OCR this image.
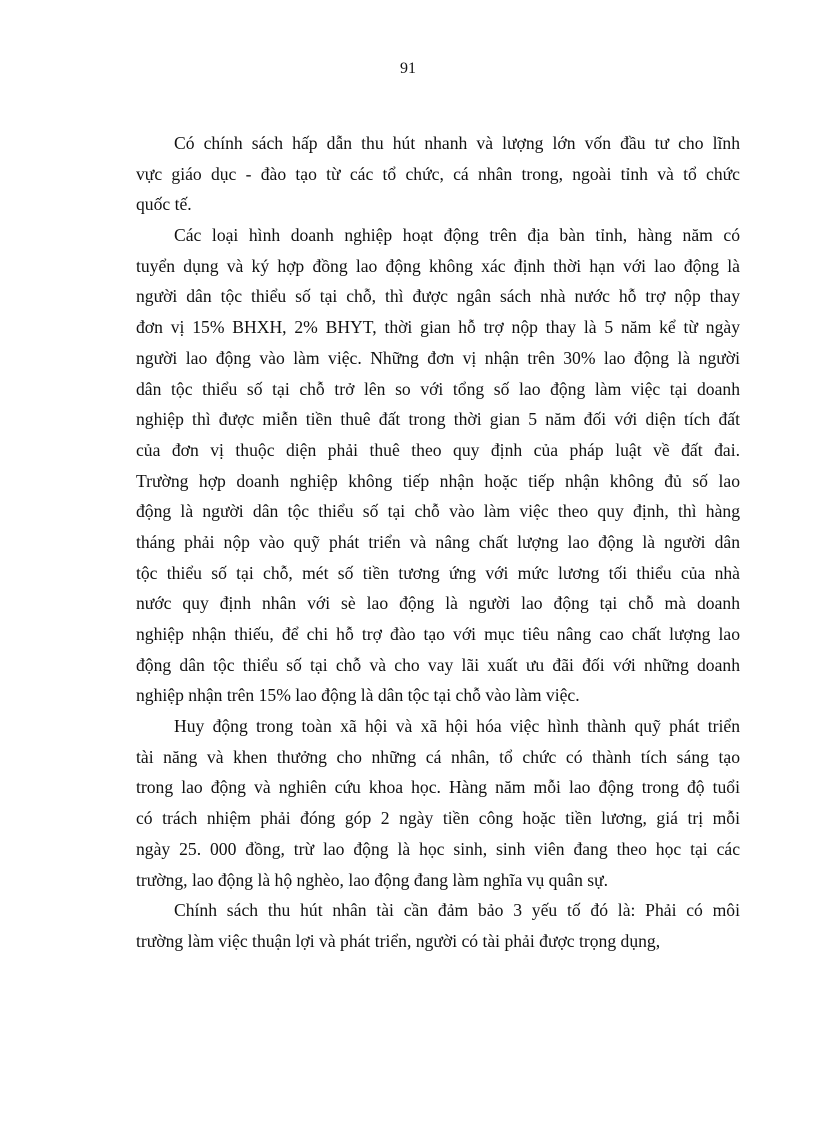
91
Có chính sách hấp dẫn thu hút nhanh và lượng lớn vốn đầu tư cho lĩnh
vực giáo dục - đào tạo từ các tổ chức, cá nhân trong, ngoài tỉnh và tổ chức
quốc tế.
Các loại hình doanh nghiệp hoạt động trên địa bàn tỉnh, hàng năm có
tuyển dụng và ký hợp đồng lao động không xác định thời hạn với lao động là
người dân tộc thiểu số tại chỗ, thì được ngân sách nhà nước hỗ trợ nộp thay
đơn vị 15% BHXH, 2% BHYT, thời gian hỗ trợ nộp thay là 5 năm kể từ ngày
người lao động vào làm việc. Những đơn vị nhận trên 30% lao động là người
dân tộc thiểu số tại chỗ trở lên so với tổng số lao động làm việc tại doanh
nghiệp thì được miễn tiền thuê đất trong thời gian 5 năm đối với diện tích đất
của đơn vị thuộc diện phải thuê theo quy định của pháp luật về đất đai.
Trường hợp doanh nghiệp không tiếp nhận hoặc tiếp nhận không đủ số lao
động là người dân tộc thiểu số tại chỗ vào làm việc theo quy định, thì hàng
tháng phải nộp vào quỹ phát triển và nâng chất lượng lao động là người dân
tộc thiểu số tại chỗ, mét số tiền tương ứng với mức lương tối thiểu của nhà
nước quy định nhân với sè lao động là người lao động tại chỗ mà doanh
nghiệp nhận thiếu, để chi hỗ trợ đào tạo với mục tiêu nâng cao chất lượng lao
động dân tộc thiểu số tại chỗ và cho vay lãi xuất ưu đãi đối với những doanh
nghiệp nhận trên 15% lao động là dân tộc tại chỗ vào làm việc.
Huy động trong toàn xã hội và xã hội hóa việc hình thành quỹ phát triển
tài năng và khen thưởng cho những cá nhân, tổ chức có thành tích sáng tạo
trong lao động và nghiên cứu khoa học. Hàng năm mỗi lao động trong độ tuổi
có trách nhiệm phải đóng góp 2 ngày tiền công hoặc tiền lương, giá trị mỗi
ngày 25. 000 đồng, trừ lao động là học sinh, sinh viên đang theo học tại các
trường, lao động là hộ nghèo, lao động đang làm nghĩa vụ quân sự.
Chính sách thu hút nhân tài cần đảm bảo 3 yếu tố đó là: Phải có môi
trường làm việc thuận lợi và phát triển, người có tài phải được trọng dụng,
